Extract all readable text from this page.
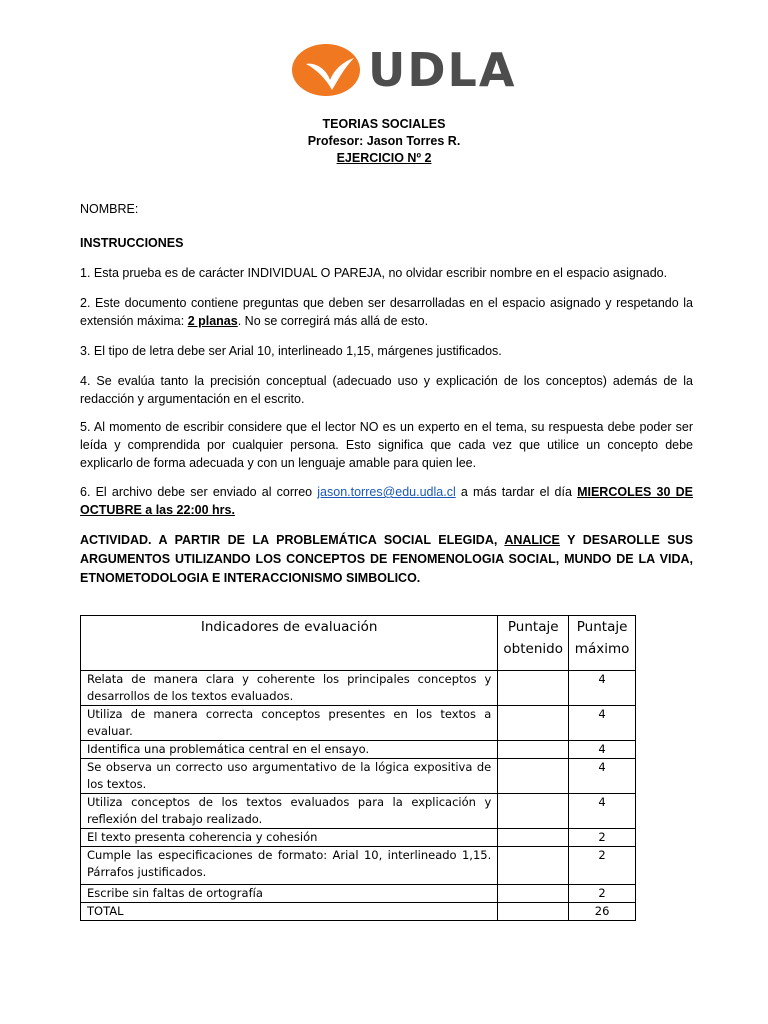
UDLA
TEORIAS SOCIALES
Profesor: Jason Torres R.
EJERCICIO Nº 2
NOMBRE:
INSTRUCCIONES

1. Esta prueba es de carácter INDIVIDUAL O PAREJA, no olvidar escribir nombre en el espacio asignado.

2. Este documento contiene preguntas que deben ser desarrolladas en el espacio asignado y respetando la extensión máxima: 2 planas. No se corregirá más allá de esto.

3. El tipo de letra debe ser Arial 10, interlineado 1,15, márgenes justificados.

4. Se evalúa tanto la precisión conceptual (adecuado uso y explicación de los conceptos) además de la redacción y argumentación en el escrito.

5. Al momento de escribir considere que el lector NO es un experto en el tema, su respuesta debe poder ser leída y comprendida por cualquier persona. Esto significa que cada vez que utilice un concepto debe explicarlo de forma adecuada y con un lenguaje amable para quien lee.

6. El archivo debe ser enviado al correo jason.torres@edu.udla.cl a más tardar el día MIERCOLES 30 DE OCTUBRE a las 22:00 hrs.

ACTIVIDAD. A PARTIR DE LA PROBLEMÁTICA SOCIAL ELEGIDA, ANALICE Y DESAROLLE SUS ARGUMENTOS UTILIZANDO LOS CONCEPTOS DE FENOMENOLOGIA SOCIAL, MUNDO DE LA VIDA, ETNOMETODOLOGIA E INTERACCIONISMO SIMBOLICO.
Indicadores de evaluación	Puntaje obtenido	Puntaje máximo
Relata de manera clara y coherente los principales conceptos y desarrollos de los textos evaluados.		4
Utiliza de manera correcta conceptos presentes en los textos a evaluar.		4
Identifica una problemática central en el ensayo.		4
Se observa un correcto uso argumentativo de la lógica expositiva de los textos.		4
Utiliza conceptos de los textos evaluados para la explicación y reflexión del trabajo realizado.		4
El texto presenta coherencia y cohesión		2
Cumple las especificaciones de formato: Arial 10, interlineado 1,15. Párrafos justificados.		2
Escribe sin faltas de ortografía		2
TOTAL		26
